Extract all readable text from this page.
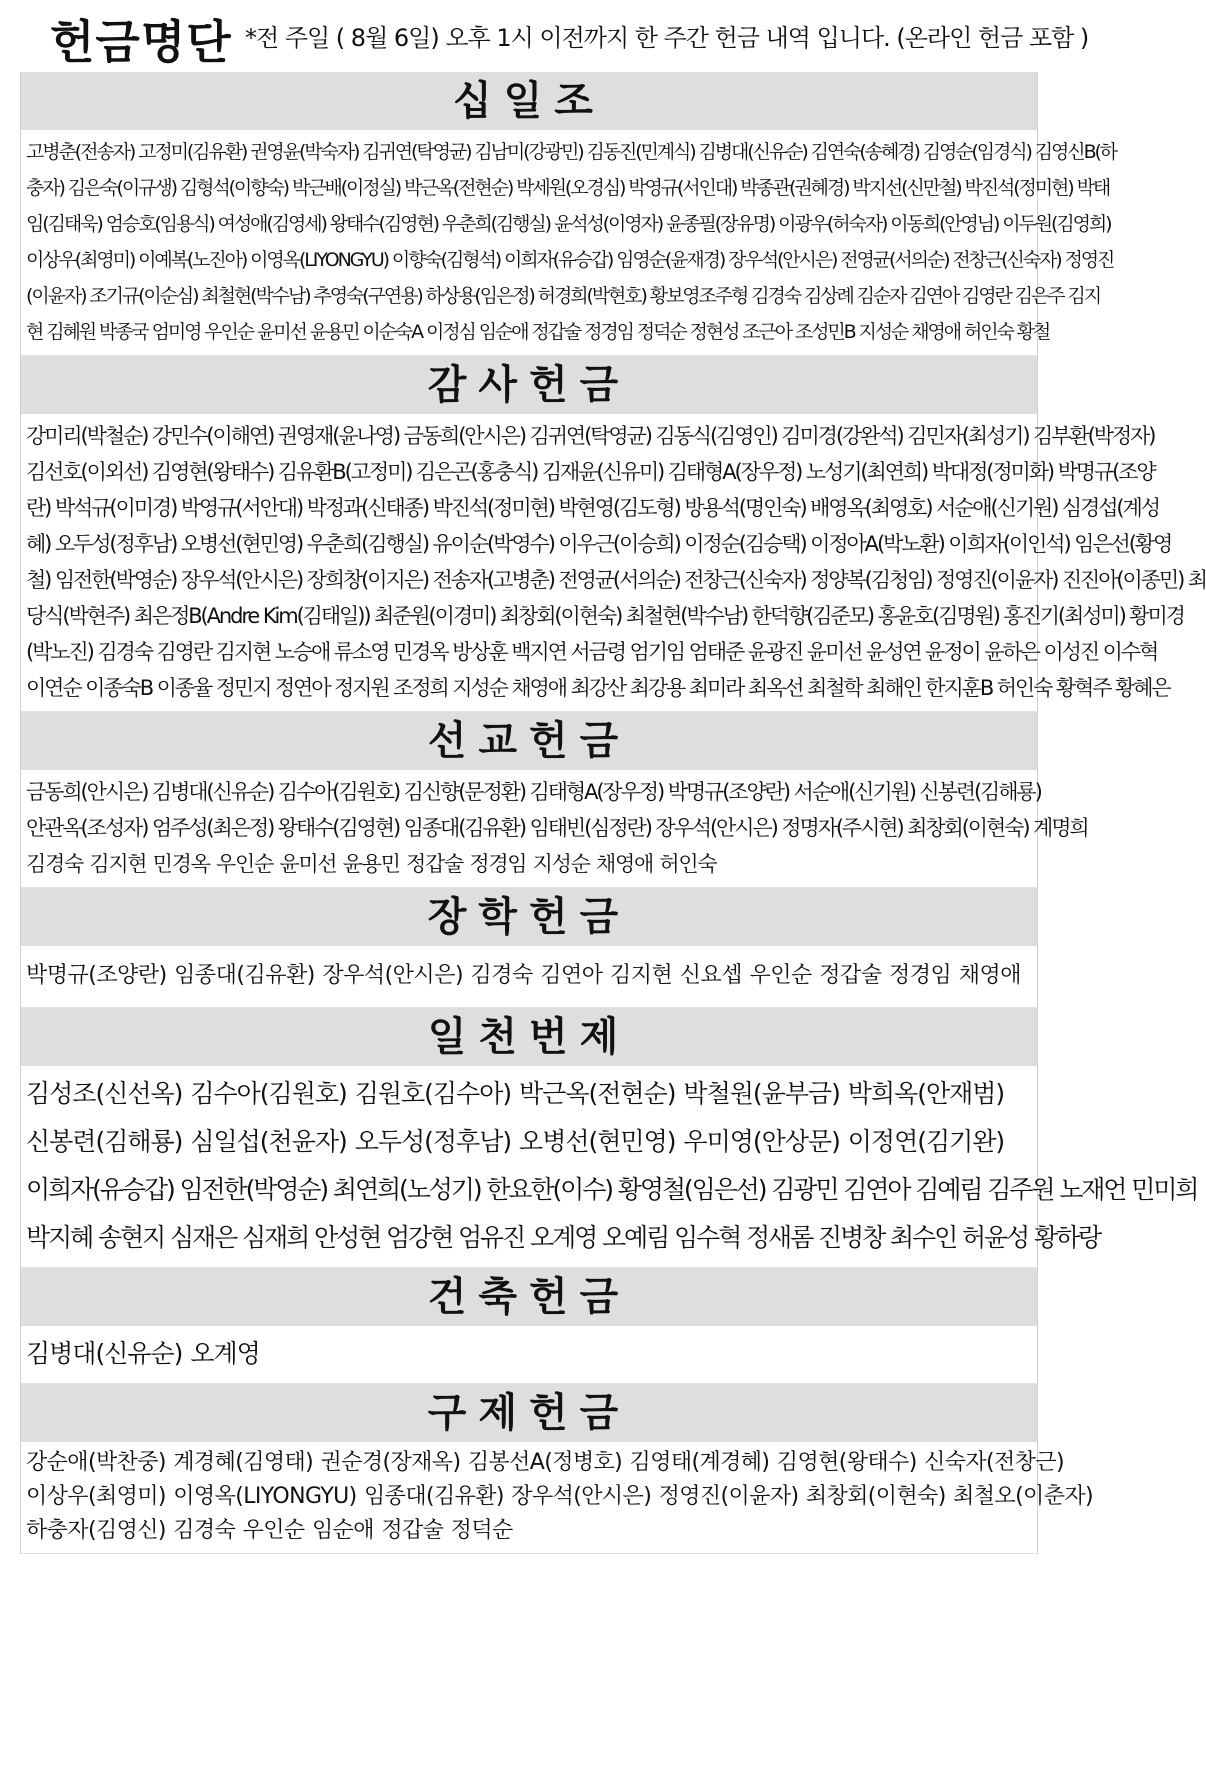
헌금명단 *전 주일 ( 8월 6일) 오후 1시 이전까지 한 주간 헌금 내역 입니다. (온라인 헌금 포함 )
십일조
고병춘(전송자) 고정미(김유환) 권영윤(박숙자) 김귀연(탁영균) 김남미(강광민) 김동진(민계식) 김병대(신유순) 김연숙(송혜경) 김영순(임경식) 김영신B(하
충자) 김은숙(이규생) 김형석(이향숙) 박근배(이정실) 박근옥(전현순) 박세원(오경심) 박영규(서인대) 박종관(권혜경) 박지선(신만철) 박진석(정미현) 박태
임(김태욱) 엄승호(임용식) 여성애(김영세) 왕태수(김영현) 우춘희(김행실) 윤석성(이영자) 윤종필(장유명) 이광우(허숙자) 이동희(안영님) 이두원(김영희)
이상우(최영미) 이예복(노진아) 이영옥(LIYONGYU) 이향숙(김형석) 이희자(유승갑) 임영순(윤재경) 장우석(안시은) 전영균(서의순) 전창근(신숙자) 정영진
(이윤자) 조기규(이순심) 최철현(박수남) 추영숙(구연용) 하상용(임은정) 허경희(박현호) 황보영조주형 김경숙 김상례 김순자 김연아 김영란 김은주 김지
현 김혜원 박종국 엄미영 우인순 윤미선 윤용민 이순숙A 이정심 임순애 정갑술 정경임 정덕순 정현성 조근아 조성민B 지성순 채영애 허인숙 황철
감사헌금
강미리(박철순) 강민수(이해연) 권영재(윤나영) 금동희(안시은) 김귀연(탁영균) 김동식(김영인) 김미경(강완석) 김민자(최성기) 김부환(박정자)
김선호(이외선) 김영현(왕태수) 김유환B(고정미) 김은곤(홍충식) 김재윤(신유미) 김태형A(장우정) 노성기(최연희) 박대정(정미화) 박명규(조양
란) 박석규(이미경) 박영규(서안대) 박정과(신태종) 박진석(정미현) 박현영(김도형) 방용석(명인숙) 배영옥(최영호) 서순애(신기원) 심경섭(계성
혜) 오두성(정후남) 오병선(현민영) 우춘희(김행실) 유이순(박영수) 이우근(이승희) 이정순(김승택) 이정아A(박노환) 이희자(이인석) 임은선(황영
철) 임전한(박영순) 장우석(안시은) 장희창(이지은) 전송자(고병춘) 전영균(서의순) 전창근(신숙자) 정양복(김청임) 정영진(이윤자) 진진아(이종민) 최
당식(박현주) 최은정B(Andre Kim(김태일)) 최준원(이경미) 최창회(이현숙) 최철현(박수남) 한덕향(김준모) 홍윤호(김명원) 홍진기(최성미) 황미경
(박노진) 김경숙 김영란 김지현 노승애 류소영 민경옥 방상훈 백지연 서금령 엄기임 엄태준 윤광진 윤미선 윤성연 윤정이 윤하은 이성진 이수혁
이연순 이종숙B 이종율 정민지 정연아 정지원 조정희 지성순 채영애 최강산 최강용 최미라 최옥선 최철학 최해인 한지훈B 허인숙 황혁주 황혜은
선교헌금
금동희(안시은) 김병대(신유순) 김수아(김원호) 김신향(문정환) 김태형A(장우정) 박명규(조양란) 서순애(신기원) 신봉련(김해룡)
안관옥(조성자) 엄주성(최은정) 왕태수(김영현) 임종대(김유환) 임태빈(심정란) 장우석(안시은) 정명자(주시현) 최창회(이현숙) 계명희
김경숙 김지현 민경옥 우인순 윤미선 윤용민 정갑술 정경임 지성순 채영애 허인숙
장학헌금
박명규(조양란) 임종대(김유환) 장우석(안시은) 김경숙 김연아 김지현 신요셉 우인순 정갑술 정경임 채영애
일천번제
김성조(신선옥) 김수아(김원호) 김원호(김수아) 박근옥(전현순) 박철원(윤부금) 박희옥(안재범)
신봉련(김해룡) 심일섭(천윤자) 오두성(정후남) 오병선(현민영) 우미영(안상문) 이정연(김기완)
이희자(유승갑) 임전한(박영순) 최연희(노성기) 한요한(이수) 황영철(임은선) 김광민 김연아 김예림 김주원 노재언 민미희
박지혜 송현지 심재은 심재희 안성현 엄강현 엄유진 오계영 오예림 임수혁 정새롬 진병창 최수인 허윤성 황하랑
건축헌금
김병대(신유순) 오계영
구제헌금
강순애(박찬중) 계경혜(김영태) 권순경(장재옥) 김봉선A(정병호) 김영태(계경혜) 김영현(왕태수) 신숙자(전창근)
이상우(최영미) 이영옥(LIYONGYU) 임종대(김유환) 장우석(안시은) 정영진(이윤자) 최창회(이현숙) 최철오(이춘자)
하충자(김영신) 김경숙 우인순 임순애 정갑술 정덕순
